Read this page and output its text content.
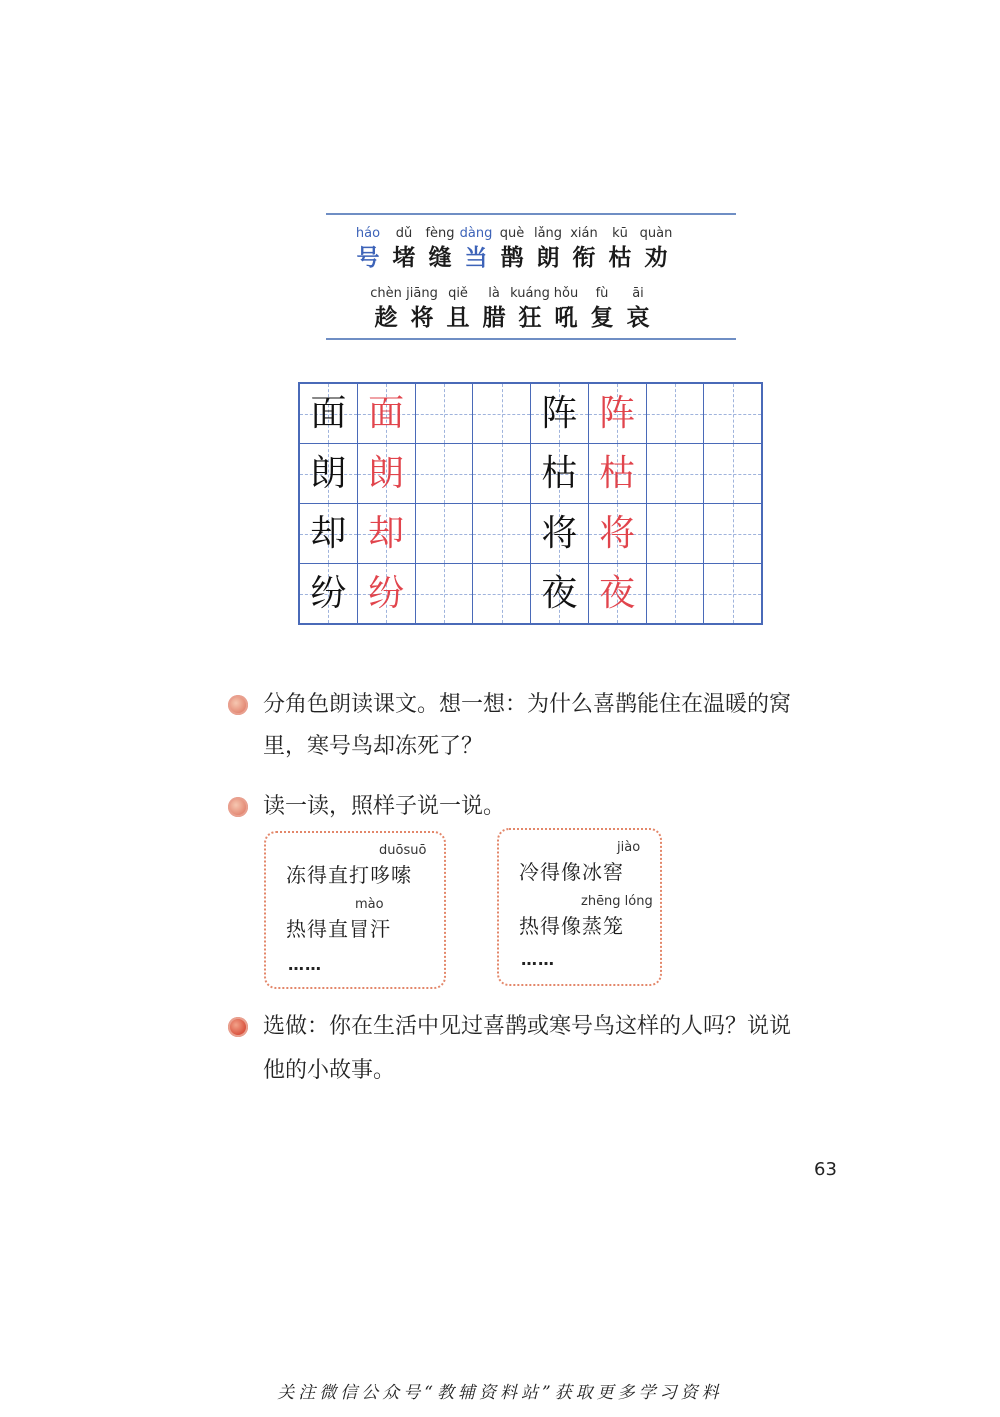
háo
号
dǔ
堵
fèng
缝
dàng
当
què
鹊
lǎng
朗
xián
衔
kū
枯
quàn
劝
chèn
趁
jiāng
将
qiě
且
là
腊
kuáng
狂
hǒu
吼
fù
复
āi
哀
面 面	阵 阵
朗 朗	枯 枯
却 却	将 将
纷 纷	夜 夜
分角色朗读课文。想一想：为什么喜鹊能住在温暖的窝
里，寒号鸟却冻死了？
读一读，照样子说一说。
duōsuō
冻得直打哆嗦
mào
热得直冒汗
……
jiào
冷得像冰窖
zhēng lóng
热得像蒸笼
……
选做：你在生活中见过喜鹊或寒号鸟这样的人吗？说说
他的小故事。
63
关注微信公众号“教辅资料站”获取更多学习资料
